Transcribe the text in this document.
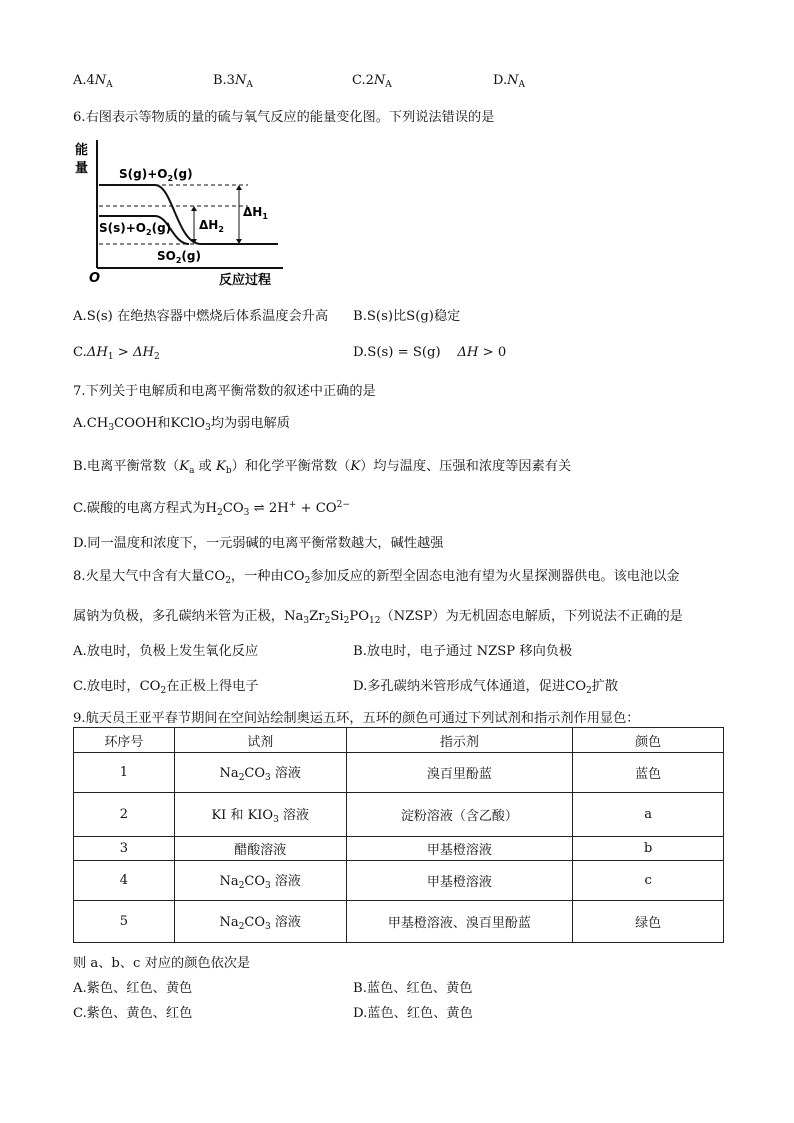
$A.4N_A$	$B.3N_A$	$C.2N_A$	$D.N_A$
6.右图表示等物质的量的硫与氧气反应的能量变化图。下列说法错误的是
能
量
O	反应过程
$S(g)+O_2(g)$
$S(s)+O_2(g)$
$SO_2(g)$
$\Delta H_2$
$\Delta H_1$
A.S(s) 在绝热容器中燃烧后体系温度会升高 B.S(s)比S(g)稳定
$C.\Delta H_1 > \Delta H_2$	D.S(s) = S(g) ΔH > 0
7.下列关于电解质和电离平衡常数的叙述中正确的是
$A.CH_3COOH$和KClO$_3$均为弱电解质
B.电离平衡常数（$K_a$ 或 $K_b$）和化学平衡常数（K）均与温度、压强和浓度等因素有关
C.碳酸的电离方程式为$H_2CO_3$ ⇌ $2H^+ + CO^{2-}$
D.同一温度和浓度下，一元弱碱的电离平衡常数越大，碱性越强
8.火星大气中含有大量$CO_2$，一种由$CO_2$参加反应的新型全固态电池有望为火星探测器供电。该电池以金
属钠为负极，多孔碳纳米管为正极，$Na_3Zr_2Si_2PO_{12}(NZSP)$为无机固态电解质，下列说法不正确的是
A.放电时，负极上发生氧化反应	B.放电时，电子通过 NZSP 移向负极
C.放电时，$CO_2$在正极上得电子	D.多孔碳纳米管形成气体通道，促进$CO_2$扩散
9.航天员王亚平春节期间在空间站绘制奥运五环，五环的颜色可通过下列试剂和指示剂作用显色：
环序号	试剂	指示剂	颜色
1	$Na_2CO_3$ 溶液	溴百里酚蓝	蓝色
2	KI 和 $KIO_3$ 溶液	淀粉溶液（含乙酸）	a
3	醋酸溶液	甲基橙溶液	b
4	$Na_2CO_3$ 溶液	甲基橙溶液	c
5	$Na_2CO_3$ 溶液	甲基橙溶液、溴百里酚蓝	绿色
则 a、b、c 对应的颜色依次是
A.紫色、红色、黄色	B.蓝色、红色、黄色
C.紫色、黄色、红色	D.蓝色、红色、黄色
